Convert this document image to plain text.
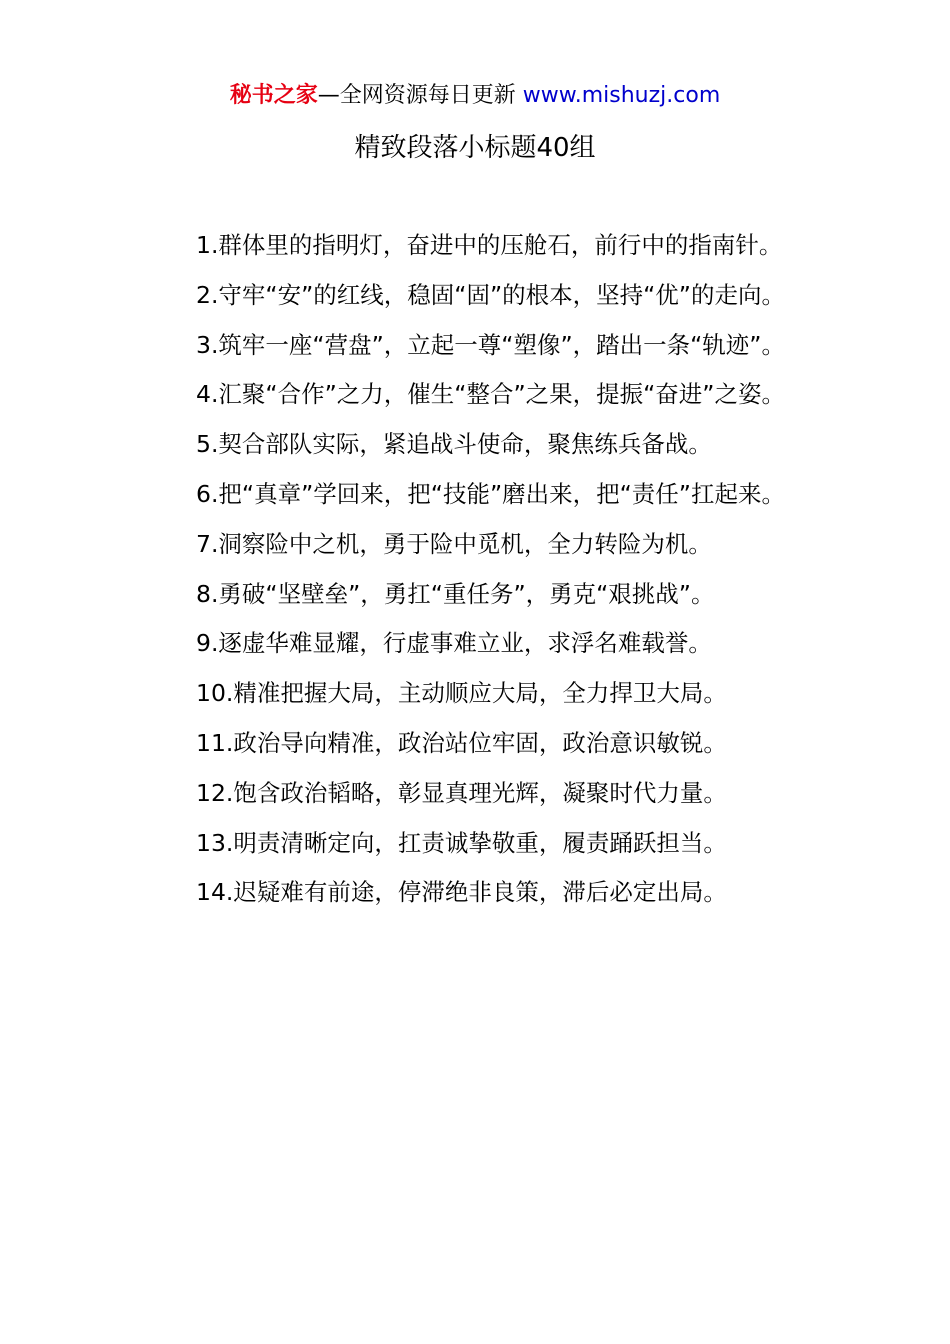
秘书之家—全网资源每日更新 www.mishuzj.com
精致段落小标题40组

1.群体里的指明灯，奋进中的压舱石，前行中的指南针。

2.守牢“安”的红线，稳固“固”的根本，坚持“优”的走向。

3.筑牢一座“营盘”，立起一尊“塑像”，踏出一条“轨迹”。

4.汇聚“合作”之力，催生“整合”之果，提振“奋进”之姿。

5.契合部队实际，紧追战斗使命，聚焦练兵备战。

6.把“真章”学回来，把“技能”磨出来，把“责任”扛起来。

7.洞察险中之机，勇于险中觅机，全力转险为机。

8.勇破“坚壁垒”，勇扛“重任务”，勇克“艰挑战”。

9.逐虚华难显耀，行虚事难立业，求浮名难载誉。

10.精准把握大局，主动顺应大局，全力捍卫大局。

11.政治导向精准，政治站位牢固，政治意识敏锐。

12.饱含政治韬略，彰显真理光辉，凝聚时代力量。

13.明责清晰定向，扛责诚挚敬重，履责踊跃担当。

14.迟疑难有前途，停滞绝非良策，滞后必定出局。
